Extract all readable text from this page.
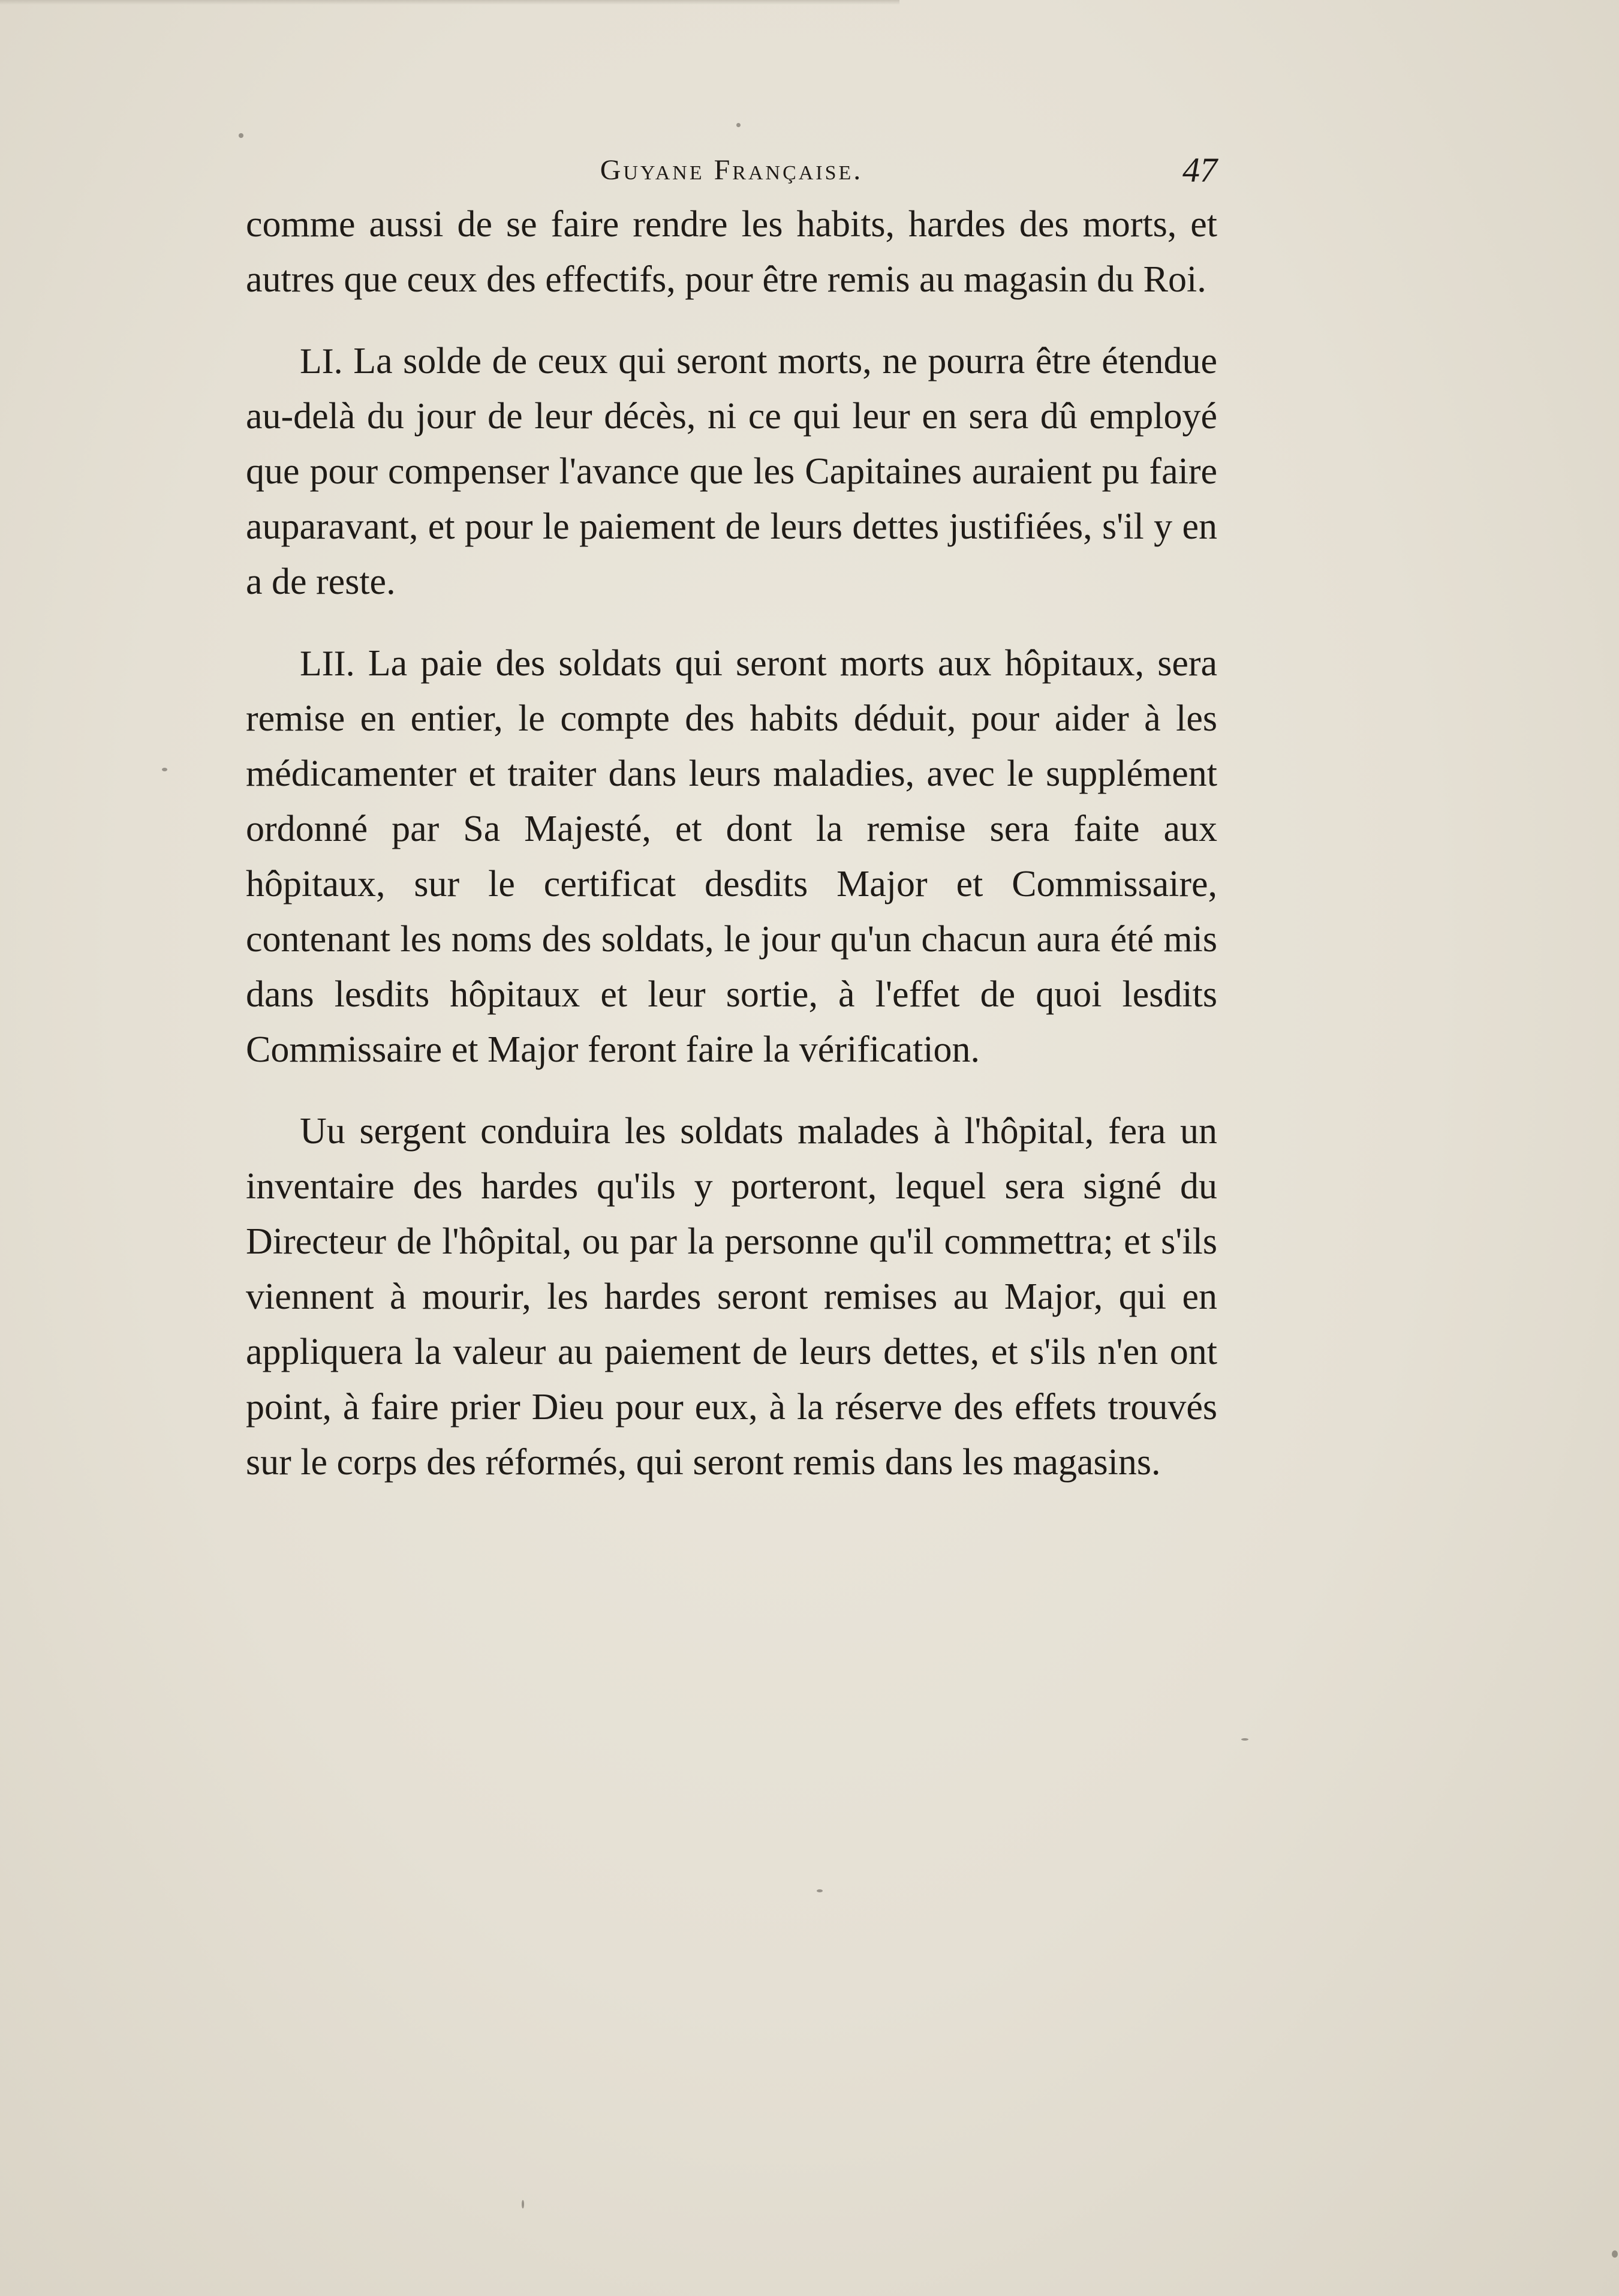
Guyane Française.	47

comme aussi de se faire rendre les habits, hardes des morts, et autres que ceux des effectifs, pour être remis au magasin du Roi.

LI. La solde de ceux qui seront morts, ne pourra être étendue au-delà du jour de leur décès, ni ce qui leur en sera dû employé que pour compenser l'avance que les Capitaines auraient pu faire auparavant, et pour le paiement de leurs dettes justifiées, s'il y en a de reste.

LII. La paie des soldats qui seront morts aux hôpitaux, sera remise en entier, le compte des habits déduit, pour aider à les médicamenter et traiter dans leurs maladies, avec le supplément ordonné par Sa Majesté, et dont la remise sera faite aux hôpitaux, sur le certificat desdits Major et Commissaire, contenant les noms des soldats, le jour qu'un chacun aura été mis dans lesdits hôpitaux et leur sortie, à l'effet de quoi lesdits Commissaire et Major feront faire la vérification.

Uu sergent conduira les soldats malades à l'hôpital, fera un inventaire des hardes qu'ils y porteront, lequel sera signé du Directeur de l'hôpital, ou par la personne qu'il commettra; et s'ils viennent à mourir, les hardes seront remises au Major, qui en appliquera la valeur au paiement de leurs dettes, et s'ils n'en ont point, à faire prier Dieu pour eux, à la réserve des effets trouvés sur le corps des réformés, qui seront remis dans les magasins.
